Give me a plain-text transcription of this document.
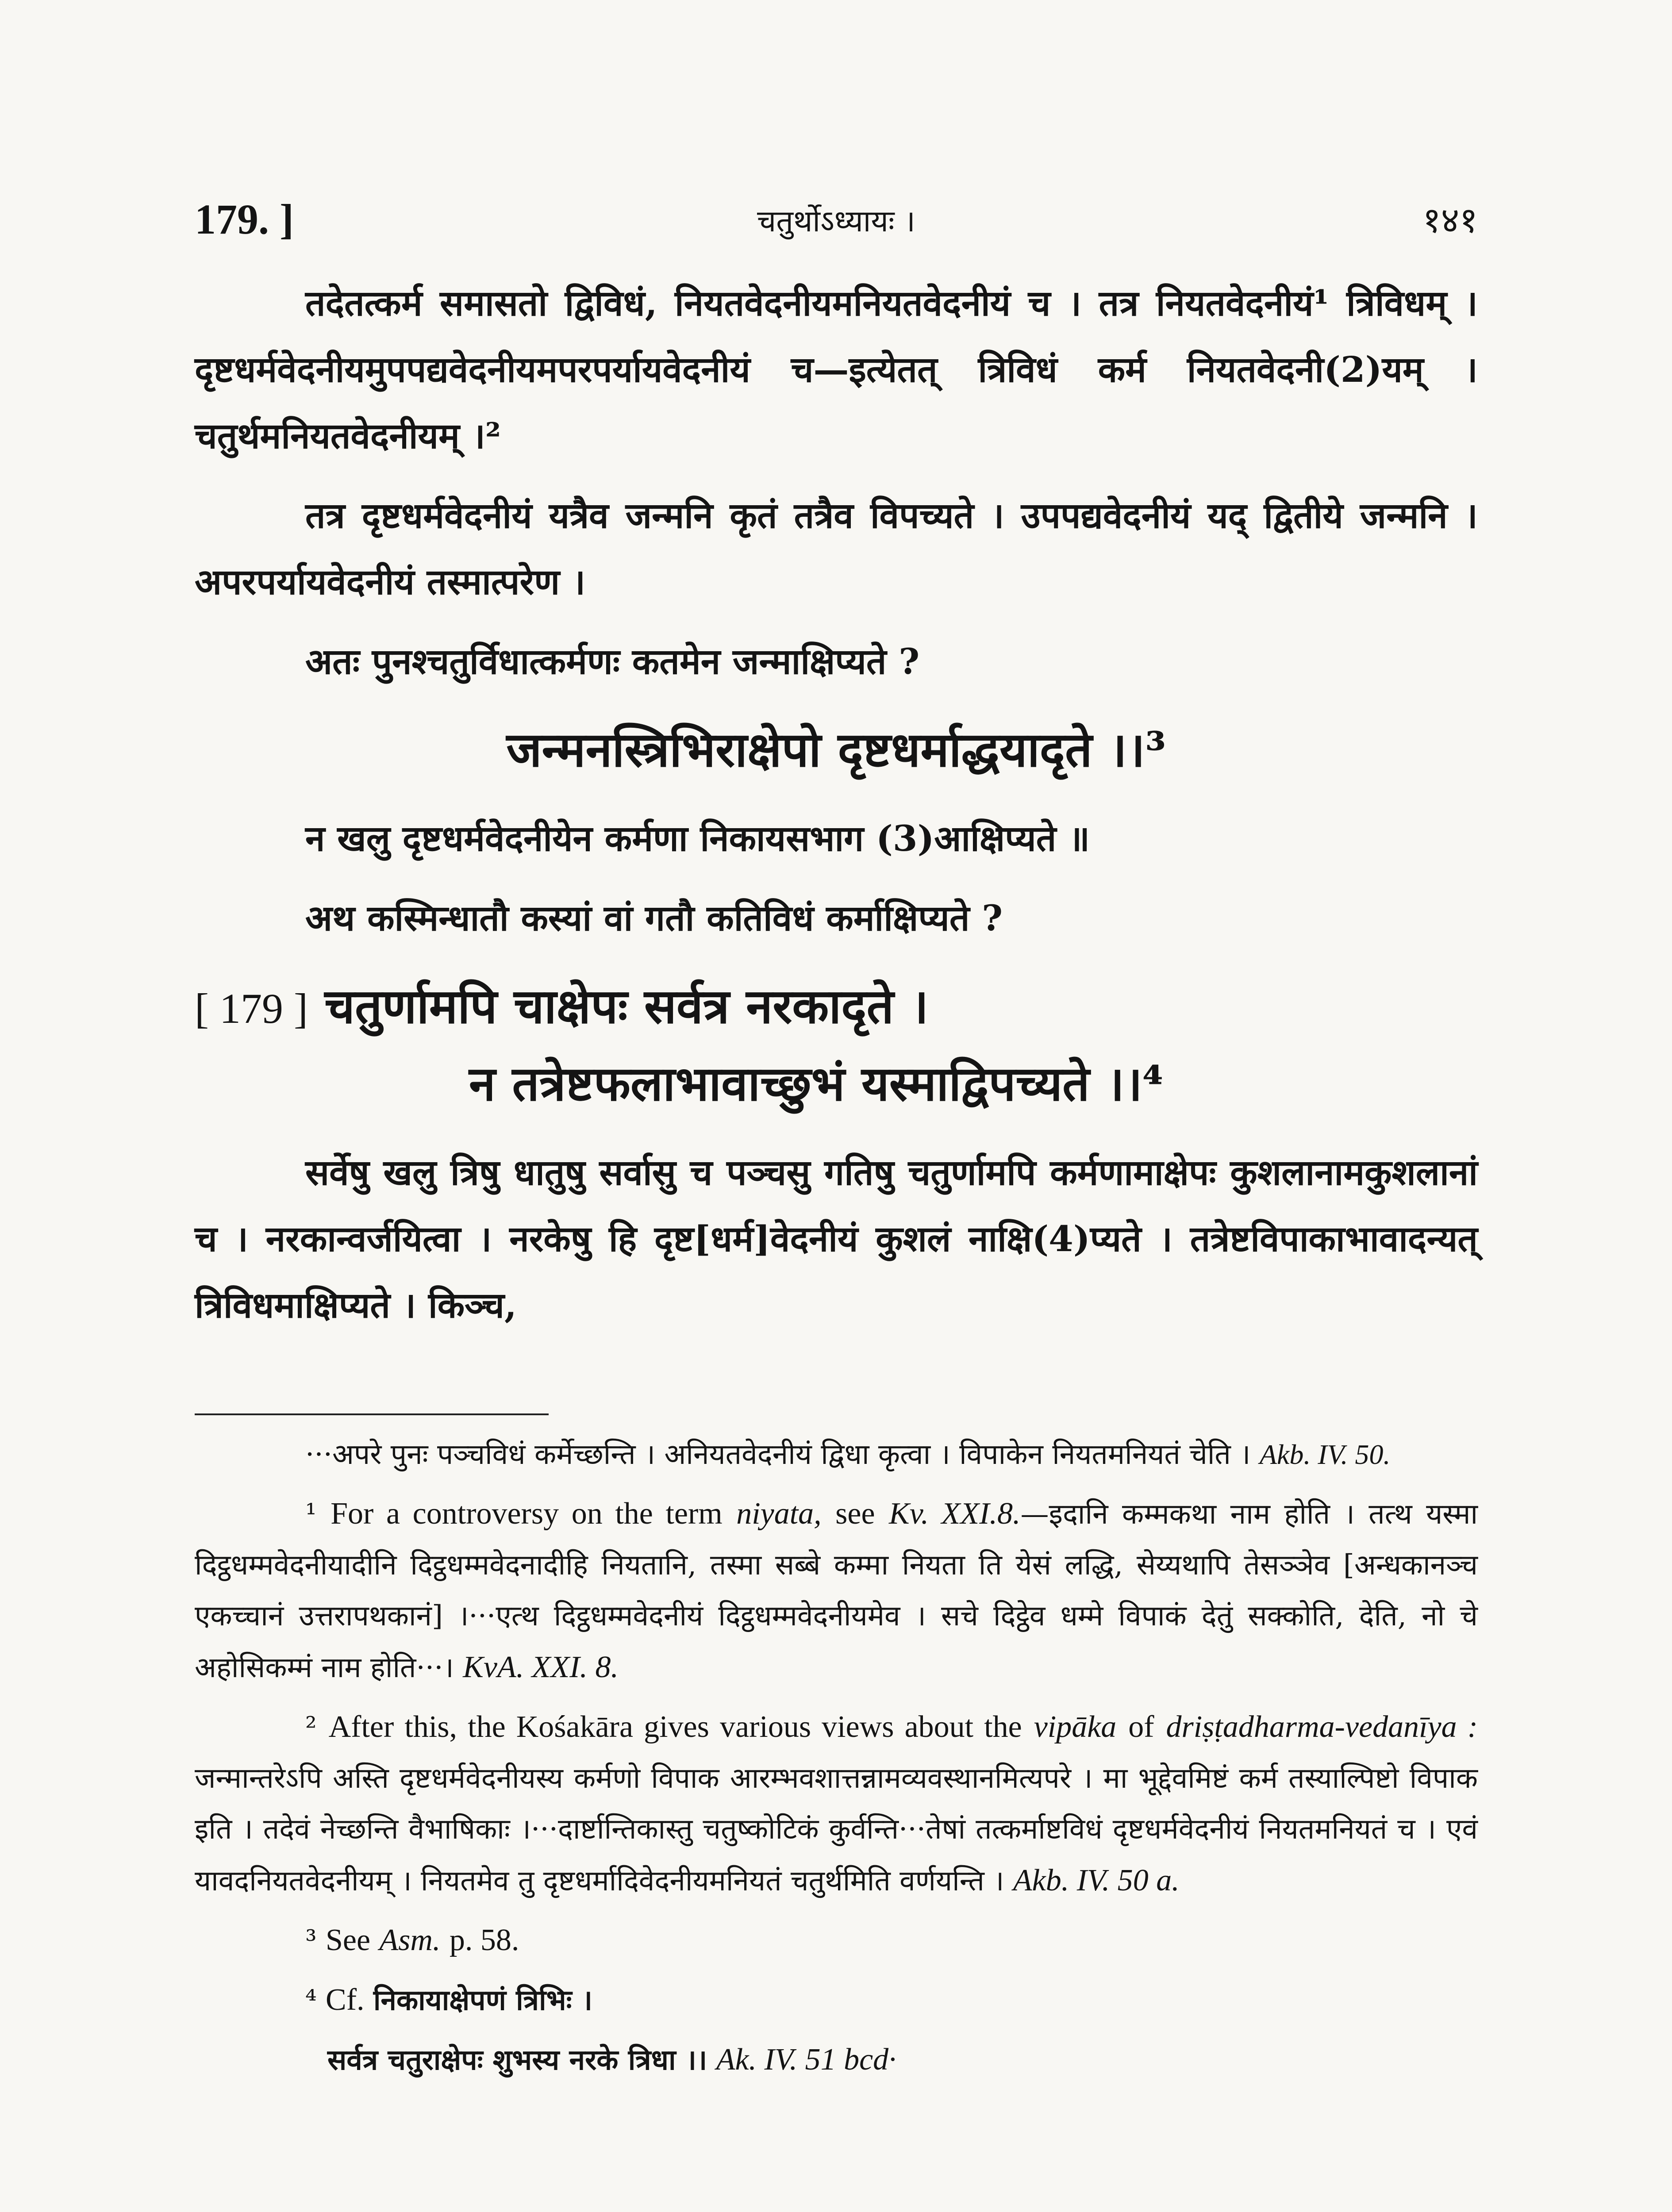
179. ]	चतुर्थोऽध्यायः ।	१४१

तदेतत्कर्म समासतो द्विविधं, नियतवेदनीयमनियतवेदनीयं च । तत्र नियतवेदनीयं¹ त्रिविधम् । दृष्टधर्मवेदनीयमुपपद्यवेदनीयमपरपर्यायवेदनीयं च—इत्येतत् त्रिविधं कर्म नियतवेदनी(2)यम् । चतुर्थमनियतवेदनीयम् ।²

तत्र दृष्टधर्मवेदनीयं यत्रैव जन्मनि कृतं तत्रैव विपच्यते । उपपद्यवेदनीयं यद् द्वितीये जन्मनि । अपरपर्यायवेदनीयं तस्मात्परेण ।

अतः पुनश्चतुर्विधात्कर्मणः कतमेन जन्माक्षिप्यते ?

जन्मनस्त्रिभिराक्षेपो दृष्टधर्माद्धयादृते ।।³

न खलु दृष्टधर्मवेदनीयेन कर्मणा निकायसभाग (3)आक्षिप्यते ॥

अथ कस्मिन्धातौ कस्यां वां गतौ कतिविधं कर्माक्षिप्यते ?

[ 179 ] चतुर्णामपि चाक्षेपः सर्वत्र नरकादृते ।
न तत्रेष्टफलाभावाच्छुभं यस्माद्विपच्यते ।।⁴

सर्वेषु खलु त्रिषु धातुषु सर्वासु च पञ्चसु गतिषु चतुर्णामपि कर्मणामाक्षेपः कुशलानामकुशलानां च । नरकान्वर्जयित्वा । नरकेषु हि दृष्ट[धर्म]वेदनीयं कुशलं नाक्षि(4)प्यते । तत्रेष्टविपाकाभावादन्यत् त्रिविधमाक्षिप्यते । किञ्च,

···अपरे पुनः पञ्चविधं कर्मेच्छन्ति । अनियतवेदनीयं द्विधा कृत्वा । विपाकेन नियतमनियतं चेति । Akb. IV. 50.

¹ For a controversy on the term niyata, see Kv. XXI.8.—इदानि कम्मकथा नाम होति । तत्थ यस्मा दिट्ठधम्मवेदनीयादीनि दिट्ठधम्मवेदनादीहि नियतानि, तस्मा सब्बे कम्मा नियता ति येसं लद्धि, सेय्यथापि तेसञ्ञेव [अन्धकानञ्च एकच्चानं उत्तरापथकानं] ।···एत्थ दिट्ठधम्मवेदनीयं दिट्ठधम्मवेदनीयमेव । सचे दिट्ठेव धम्मे विपाकं देतुं सक्कोति, देति, नो चे अहोसिकम्मं नाम होति···। KvA. XXI. 8.

² After this, the Kośakāra gives various views about the vipāka of driṣṭadharma-vedanīya : जन्मान्तरेऽपि अस्ति दृष्टधर्मवेदनीयस्य कर्मणो विपाक आरम्भवशात्तन्नामव्यवस्थानमित्यपरे । मा भूद्देवमिष्टं कर्म तस्याल्पिष्टो विपाक इति । तदेवं नेच्छन्ति वैभाषिकाः ।···दार्ष्टान्तिकास्तु चतुष्कोटिकं कुर्वन्ति···तेषां तत्कर्माष्टविधं दृष्टधर्मवेदनीयं नियतमनियतं च । एवं यावदनियतवेदनीयम् । नियतमेव तु दृष्टधर्मादिवेदनीयमनियतं चतुर्थमिति वर्णयन्ति । Akb. IV. 50 a.

³ See Asm. p. 58.

⁴ Cf. निकायाक्षेपणं त्रिभिः ।

सर्वत्र चतुराक्षेपः शुभस्य नरके त्रिधा ।। Ak. IV. 51 bcd·
